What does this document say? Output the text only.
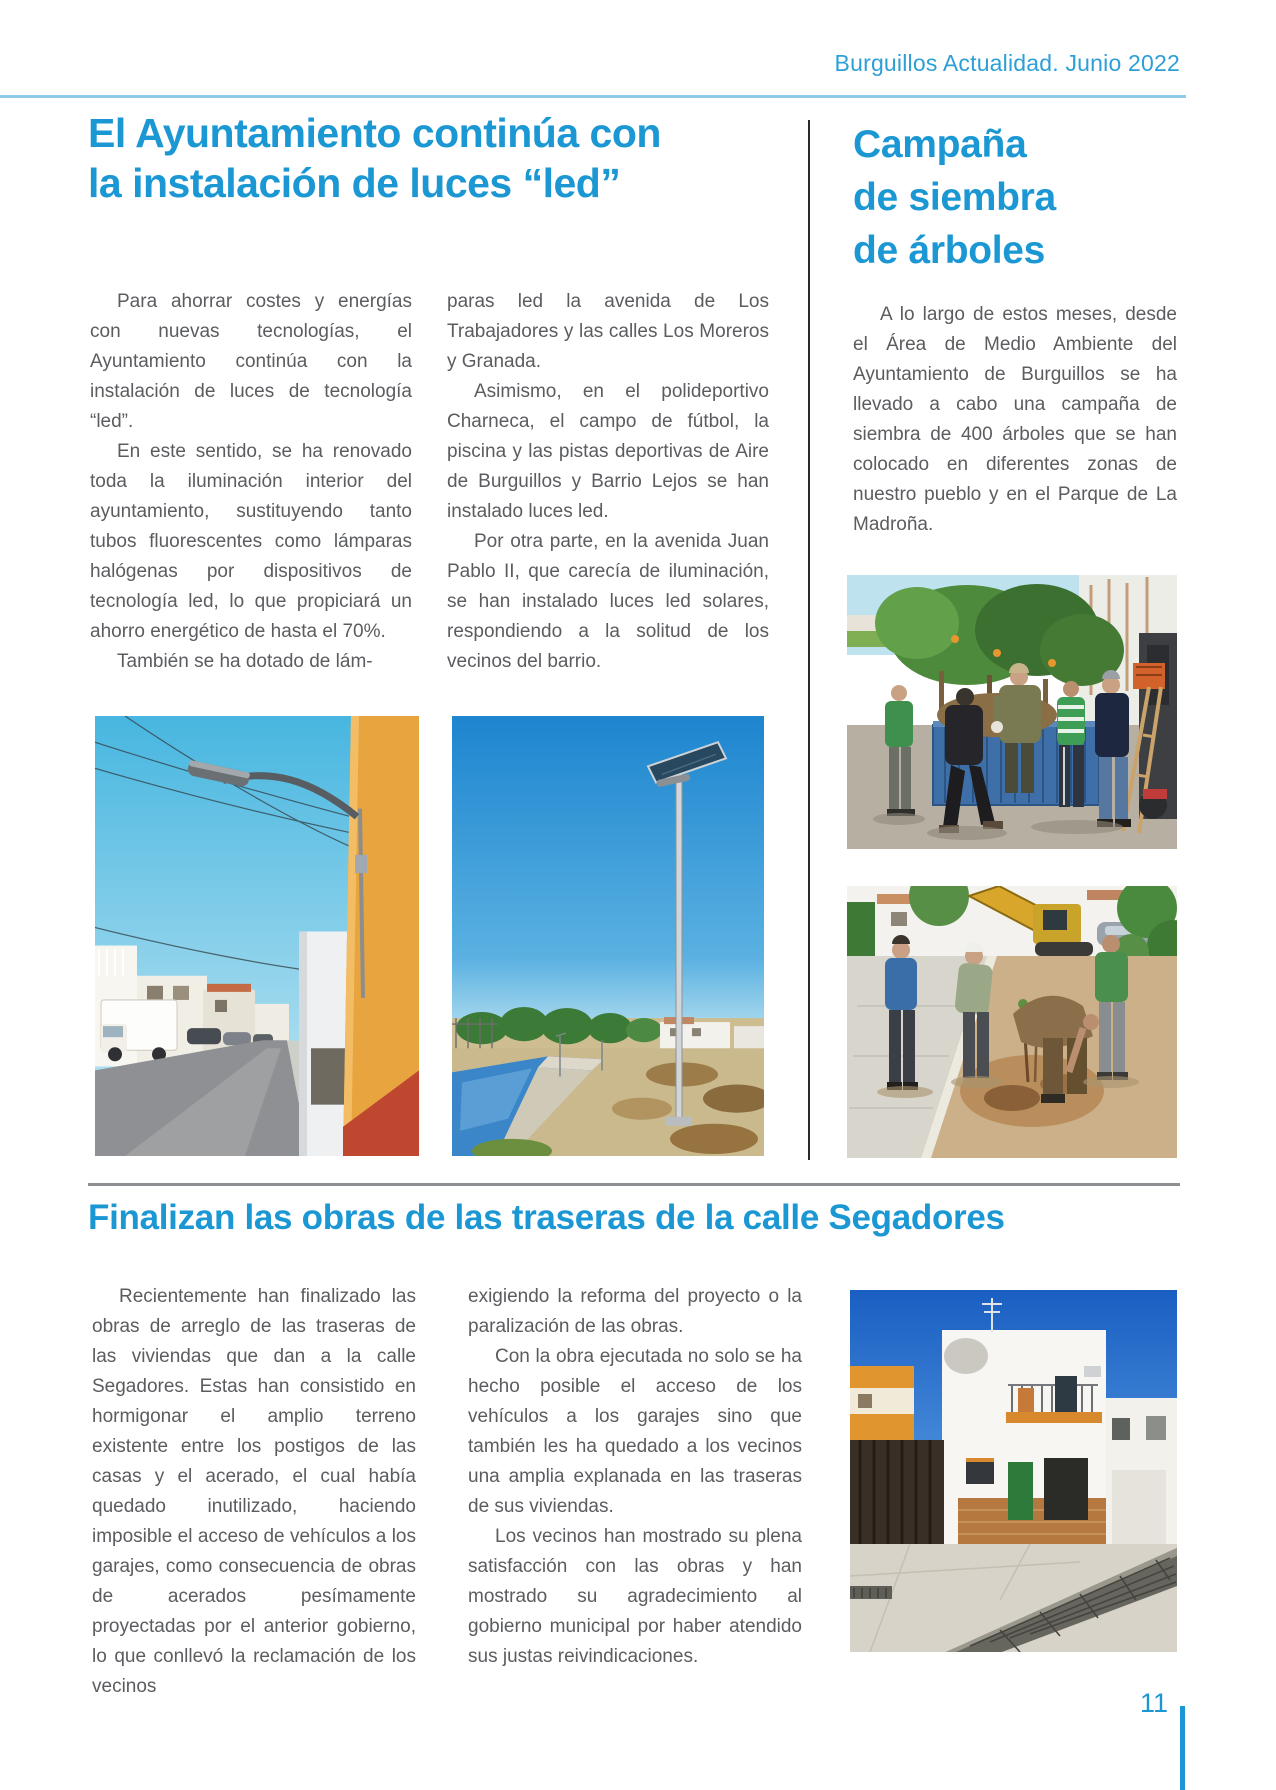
Burguillos Actualidad. Junio 2022
El Ayuntamiento continúa con
la instalación de luces “led”

Para ahorrar costes y energías con nuevas tecnologías, el Ayuntamiento continúa con la instalación de luces de tecnología “led”.

En este sentido, se ha renovado toda la iluminación interior del ayuntamiento, sustituyendo tanto tubos fluorescentes como lámparas halógenas por dispositivos de tecnología led, lo que propiciará un ahorro energético de hasta el 70%.

También se ha dotado de lám-

paras led la avenida de Los Trabajadores y las calles Los Moreros y Granada.

Asimismo, en el polideportivo Charneca, el campo de fútbol, la piscina y las pistas deportivas de Aire de Burguillos y Barrio Lejos se han instalado luces led.

Por otra parte, en la avenida Juan Pablo II, que carecía de iluminación, se han instalado luces led solares, respondiendo a la solitud de los vecinos del barrio.

Campaña
de siembra
de árboles

A lo largo de estos meses, desde el Área de Medio Ambiente del Ayuntamiento de Burguillos se ha llevado a cabo una campaña de siembra de 400 árboles que se han colocado en diferentes zonas de nuestro pueblo y en el Parque de La Madroña.

Finalizan las obras de las traseras de la calle Segadores

Recientemente han finalizado las obras de arreglo de las traseras de las viviendas que dan a la calle Segadores. Estas han consistido en hormigonar el amplio terreno existente entre los postigos de las casas y el acerado, el cual había quedado inutilizado, haciendo imposible el acceso de vehículos a los garajes, como consecuencia de obras de acerados pesímamente proyectadas por el anterior gobierno, lo que conllevó la reclamación de los vecinos

exigiendo la reforma del proyecto o la paralización de las obras.

Con la obra ejecutada no solo se ha hecho posible el acceso de los vehículos a los garajes sino que también les ha quedado a los vecinos una amplia explanada en las traseras de sus viviendas.

Los vecinos han mostrado su plena satisfacción con las obras y han mostrado su agradecimiento al gobierno municipal por haber atendido sus justas reivindicaciones.

11
